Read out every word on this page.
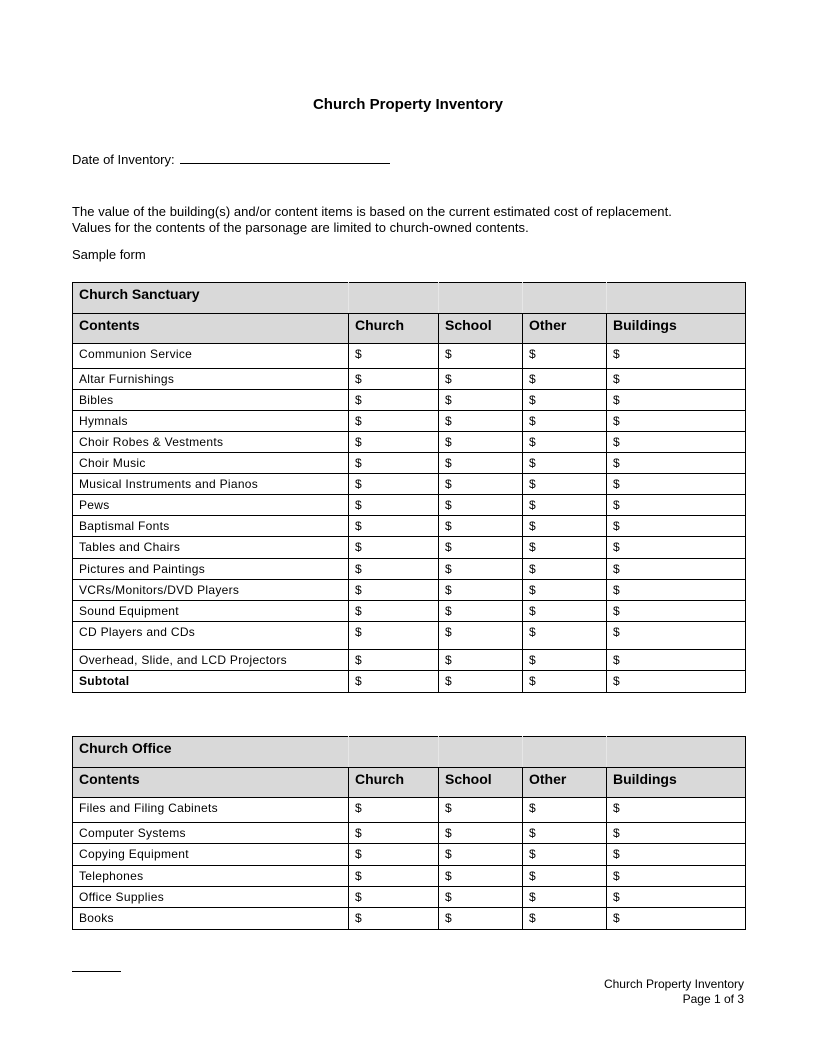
Church Property Inventory
Date of Inventory:
The value of the building(s) and/or content items is based on the current estimated cost of replacement.
Values for the contents of the parsonage are limited to church-owned contents.
Sample form
Church Sanctuary				
Contents	Church	School	Other	Buildings
Communion Service	$	$	$	$
Altar Furnishings	$	$	$	$
Bibles	$	$	$	$
Hymnals	$	$	$	$
Choir Robes & Vestments	$	$	$	$
Choir Music	$	$	$	$
Musical Instruments and Pianos	$	$	$	$
Pews	$	$	$	$
Baptismal Fonts	$	$	$	$
Tables and Chairs	$	$	$	$
Pictures and Paintings	$	$	$	$
VCRs/Monitors/DVD Players	$	$	$	$
Sound Equipment	$	$	$	$
CD Players and CDs	$	$	$	$
Overhead, Slide, and LCD Projectors	$	$	$	$
Subtotal	$	$	$	$
Church Office				
Contents	Church	School	Other	Buildings
Files and Filing Cabinets	$	$	$	$
Computer Systems	$	$	$	$
Copying Equipment	$	$	$	$
Telephones	$	$	$	$
Office Supplies	$	$	$	$
Books	$	$	$	$
Church Property Inventory
Page 1 of 3
